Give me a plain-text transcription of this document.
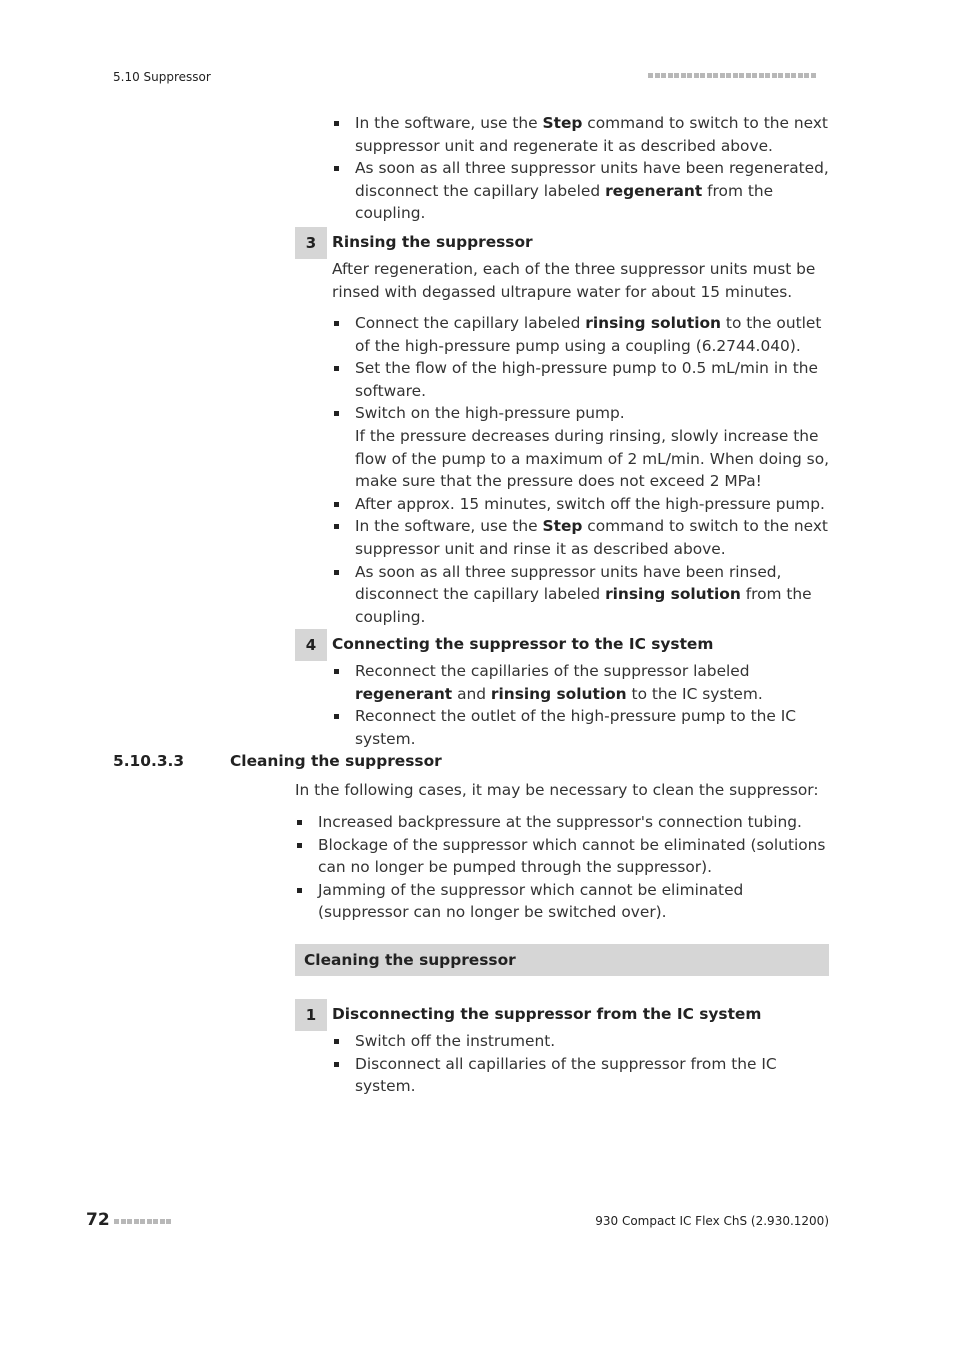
5.10 Suppressor
In the software, use the Step command to switch to the next suppressor unit and regenerate it as described above.
As soon as all three suppressor units have been regenerated, disconnect the capillary labeled regenerant from the coupling.
3	Rinsing the suppressor

After regeneration, each of the three suppressor units must be rinsed with degassed ultrapure water for about 15 minutes.

Connect the capillary labeled rinsing solution to the outlet of the high-pressure pump using a coupling (6.2744.040).
Set the flow of the high-pressure pump to 0.5 mL/min in the software.
Switch on the high-pressure pump.
If the pressure decreases during rinsing, slowly increase the flow of the pump to a maximum of 2 mL/min. When doing so, make sure that the pressure does not exceed 2 MPa!
After approx. 15 minutes, switch off the high-pressure pump.
In the software, use the Step command to switch to the next suppressor unit and rinse it as described above.
As soon as all three suppressor units have been rinsed, disconnect the capillary labeled rinsing solution from the coupling.
4	Connecting the suppressor to the IC system
Reconnect the capillaries of the suppressor labeled regenerant and rinsing solution to the IC system.
Reconnect the outlet of the high-pressure pump to the IC system.
5.10.3.3	Cleaning the suppressor

In the following cases, it may be necessary to clean the suppressor:

Increased backpressure at the suppressor's connection tubing.
Blockage of the suppressor which cannot be eliminated (solutions can no longer be pumped through the suppressor).
Jamming of the suppressor which cannot be eliminated (suppressor can no longer be switched over).
Cleaning the suppressor
1	Disconnecting the suppressor from the IC system
Switch off the instrument.
Disconnect all capillaries of the suppressor from the IC system.
72	930 Compact IC Flex ChS (2.930.1200)
